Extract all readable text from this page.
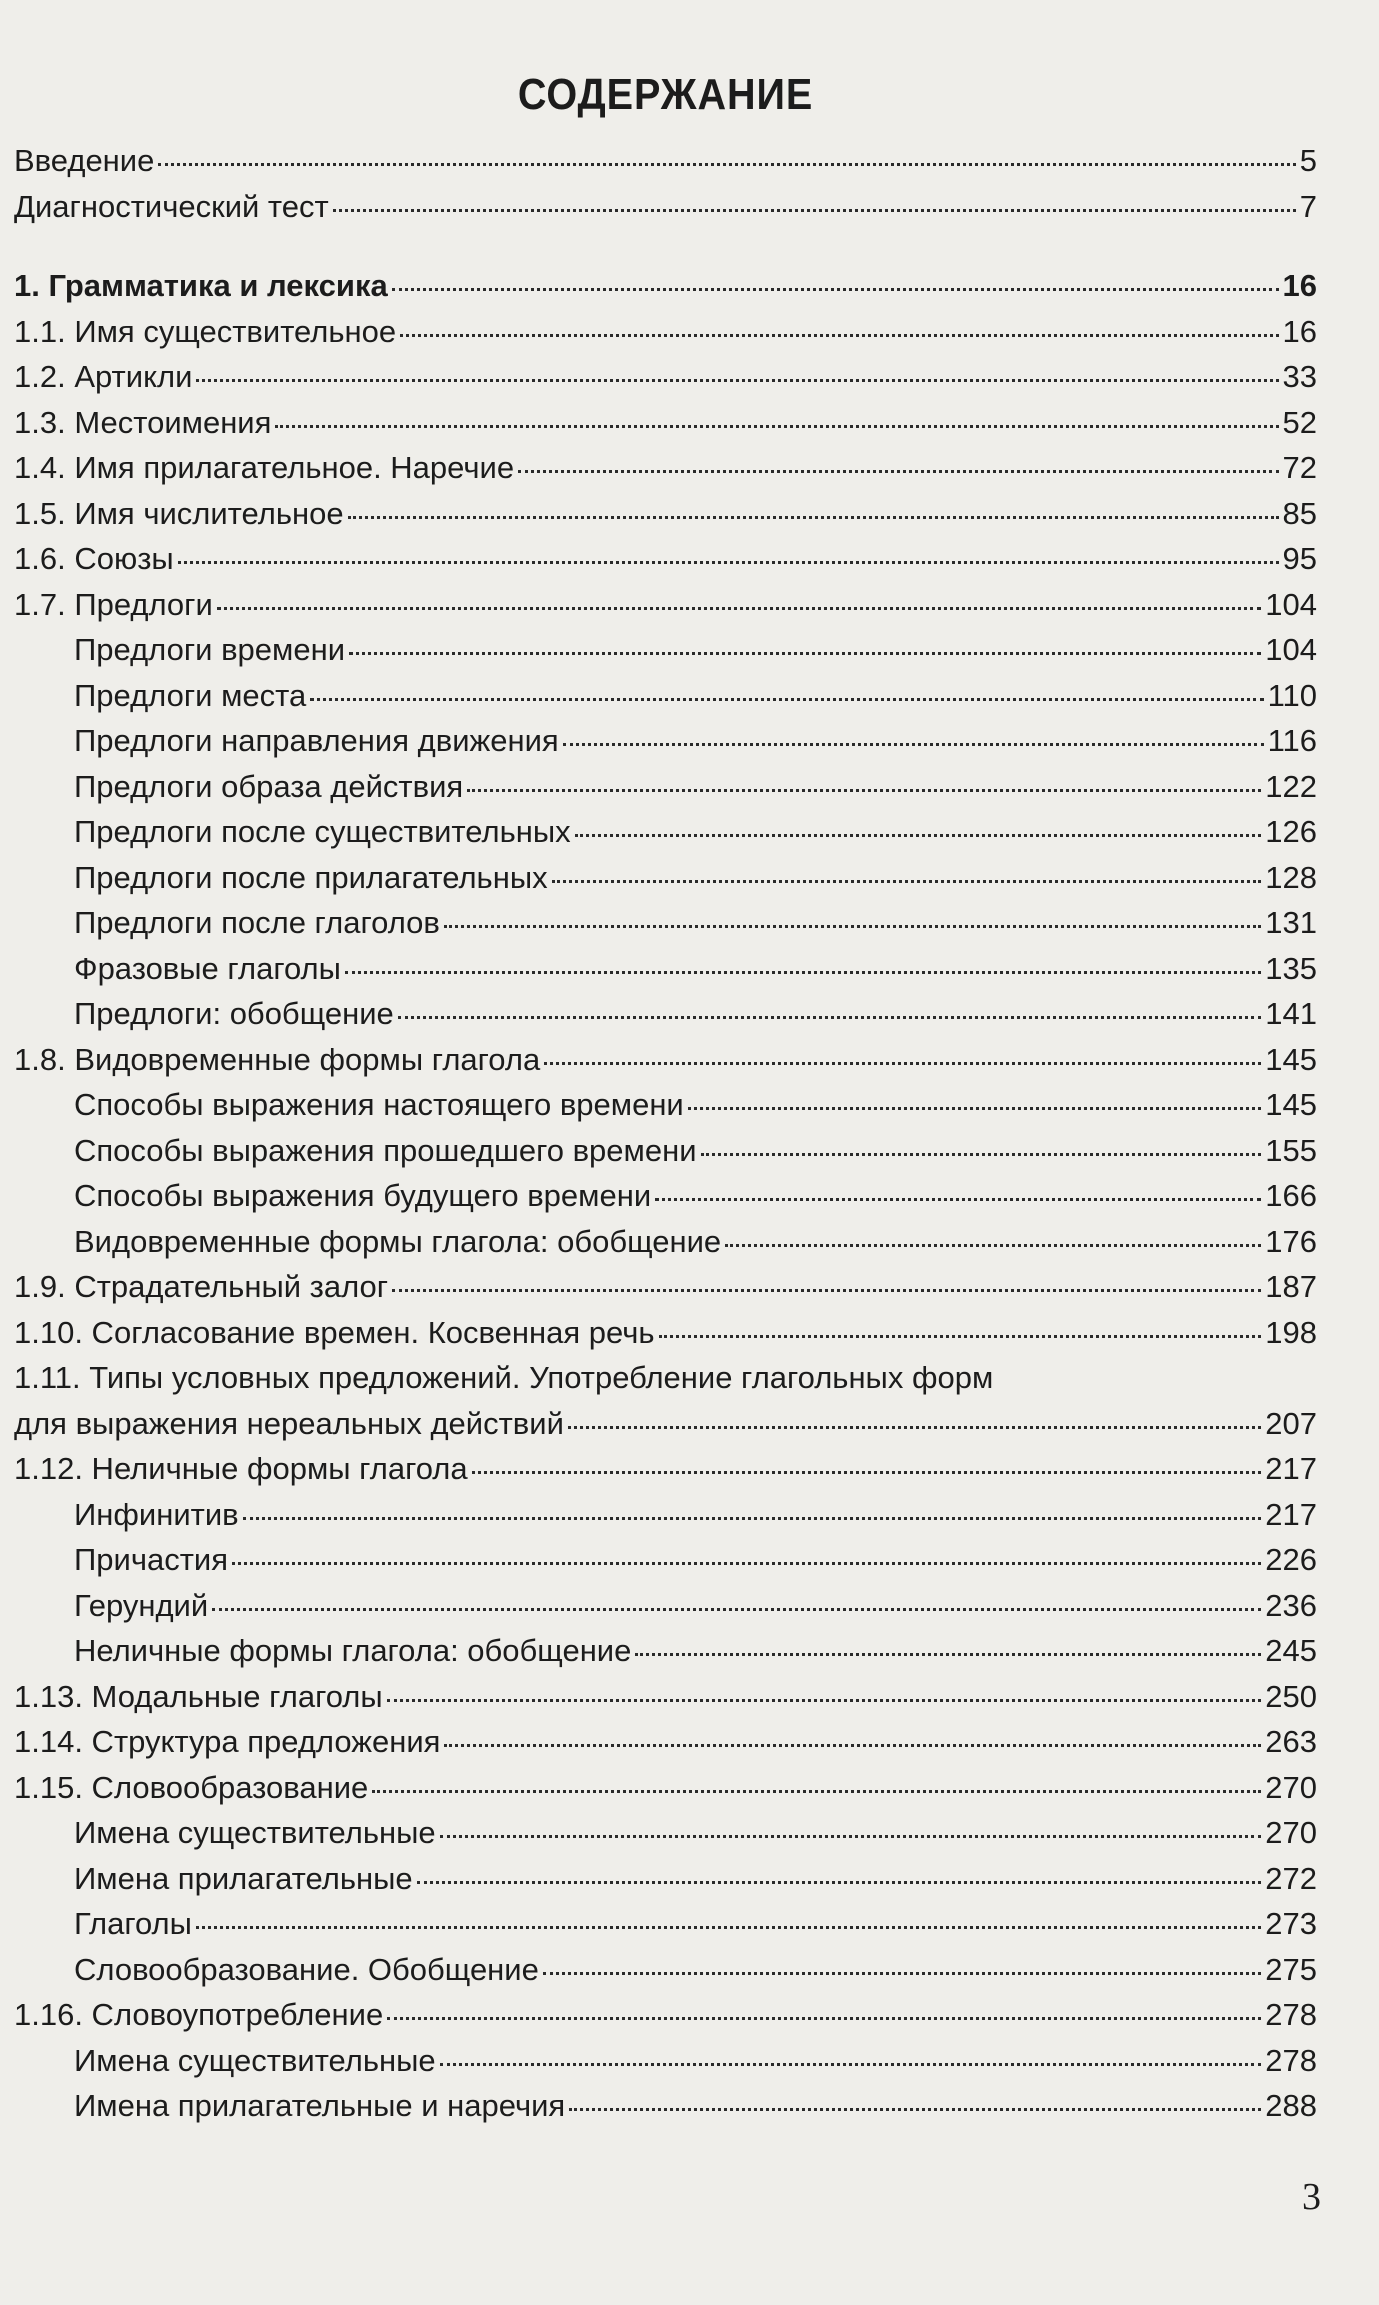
СОДЕРЖАНИЕ
Введение	5
Диагностический тест	7
1. Грамматика и лексика	16
1.1. Имя существительное	16
1.2. Артикли	33
1.3. Местоимения	52
1.4. Имя прилагательное. Наречие	72
1.5. Имя числительное	85
1.6. Союзы	95
1.7. Предлоги	104
Предлоги времени	104
Предлоги места	110
Предлоги направления движения	116
Предлоги образа действия	122
Предлоги после существительных	126
Предлоги после прилагательных	128
Предлоги после глаголов	131
Фразовые глаголы	135
Предлоги: обобщение	141
1.8. Видовременные формы глагола	145
Способы выражения настоящего времени	145
Способы выражения прошедшего времени	155
Способы выражения будущего времени	166
Видовременные формы глагола: обобщение	176
1.9. Страдательный залог	187
1.10. Согласование времен. Косвенная речь	198
1.11. Типы условных предложений. Употребление глагольных форм
для выражения нереальных действий	207
1.12. Неличные формы глагола	217
Инфинитив	217
Причастия	226
Герундий	236
Неличные формы глагола: обобщение	245
1.13. Модальные глаголы	250
1.14. Структура предложения	263
1.15. Словообразование	270
Имена существительные	270
Имена прилагательные	272
Глаголы	273
Словообразование. Обобщение	275
1.16. Словоупотребление	278
Имена существительные	278
Имена прилагательные и наречия	288
3
